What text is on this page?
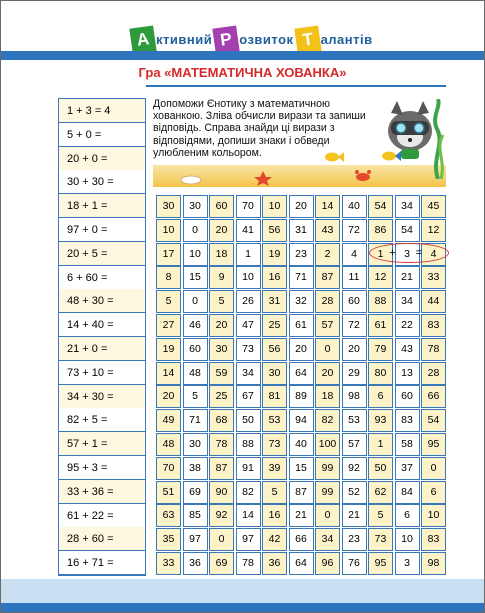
А ктивний Р озвиток Т алантів
Гра «МАТЕМАТИЧНА ХОВАНКА»
1 + 3 = 4
5 + 0 =
20 + 0 =
30 + 30 =
18 + 1 =
97 + 0 =
20 + 5 =
6 + 60 =
48 + 30 =
14 + 40 =
21 + 0 =
73 + 10 =
34 + 30 =
82 + 5 =
57 + 1 =
95 + 3 =
33 + 36 =
61 + 22 =
28 + 60 =
16 + 71 =
Допоможи Єнотику з математичною хованкою. Зліва обчисли вирази та запиши відповідь. Справа знайди ці вирази з відповідями, допиши знаки і обведи улюбленим кольором.
30	30	60	70	10	20	14	40	54	34	45
10	0	20	41	56	31	43	72	86	54	12
17	10	18	1	19	23	2	4	1	3	4
8	15	9	10	16	71	87	11	12	21	33
5	0	5	26	31	32	28	60	88	34	44
27	46	20	47	25	61	57	72	61	22	83
19	60	30	73	56	20	0	20	79	43	78
14	48	59	34	30	64	20	29	80	13	28
20	5	25	67	81	89	18	98	6	60	66
49	71	68	50	53	94	82	53	93	83	54
48	30	78	88	73	40	100	57	1	58	95
70	38	87	91	39	15	99	92	50	37	0
51	69	90	82	5	87	99	52	62	84	6
63	85	92	14	16	21	0	21	5	6	10
35	97	0	97	42	66	34	23	73	10	83
33	36	69	78	36	64	96	76	95	3	98
+ =
